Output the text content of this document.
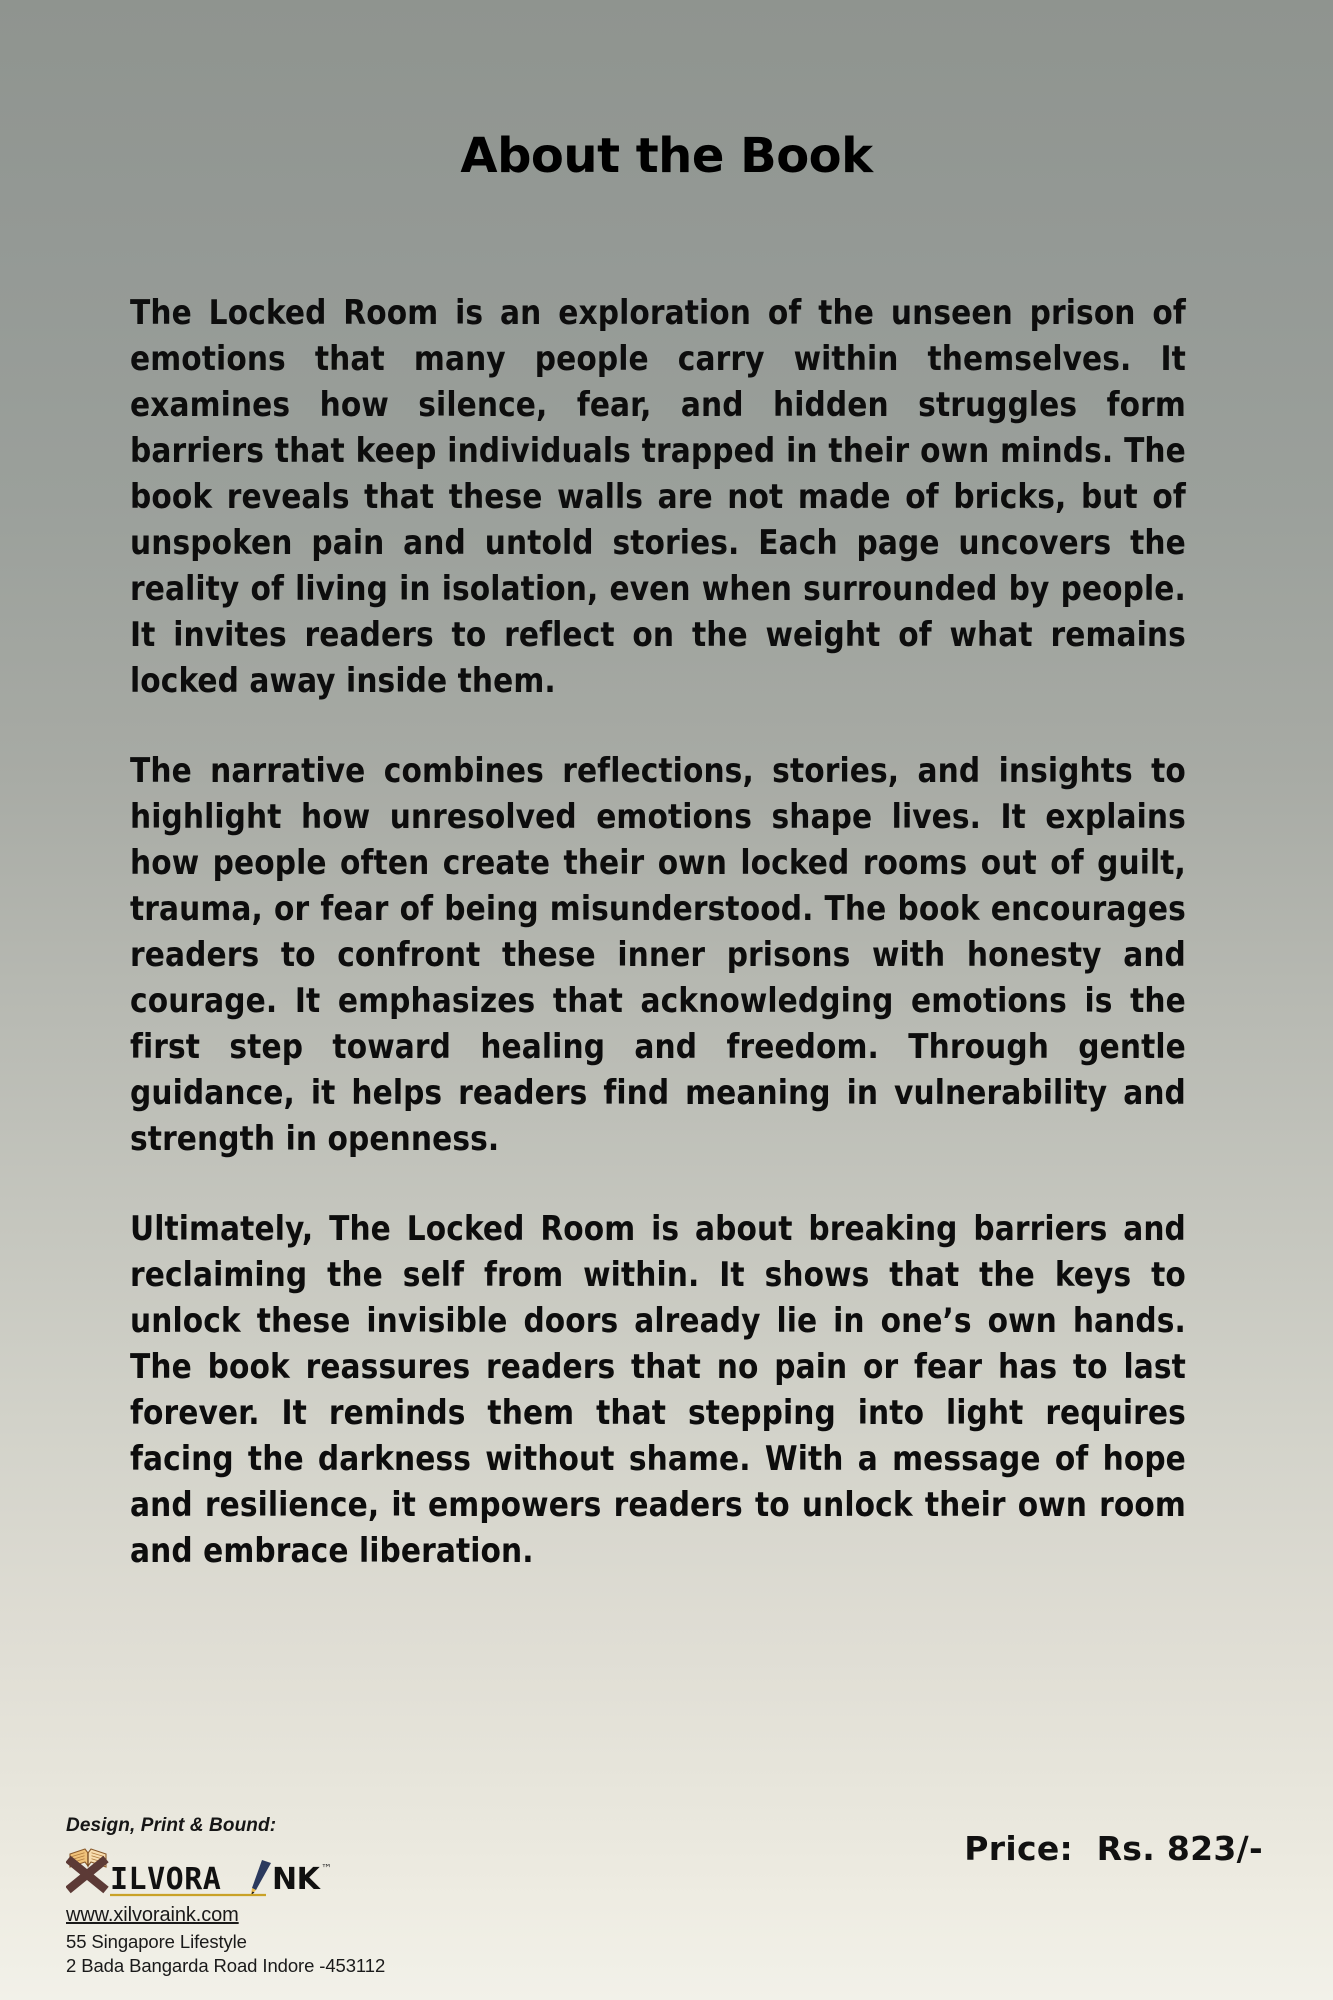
About the Book

The Locked Room is an exploration of the unseen prison of emotions that many people carry within themselves. It examines how silence, fear, and hidden struggles form barriers that keep individuals trapped in their own minds. The book reveals that these walls are not made of bricks, but of unspoken pain and untold stories. Each page uncovers the reality of living in isolation, even when surrounded by people. It invites readers to reflect on the weight of what remains locked away inside them.

The narrative combines reflections, stories, and insights to highlight how unresolved emotions shape lives. It explains how people often create their own locked rooms out of guilt, trauma, or fear of being misunderstood. The book encourages readers to confront these inner prisons with honesty and courage. It emphasizes that acknowledging emotions is the first step toward healing and freedom. Through gentle guidance, it helps readers find meaning in vulnerability and strength in openness.

Ultimately, The Locked Room is about breaking barriers and reclaiming the self from within. It shows that the keys to unlock these invisible doors already lie in one’s own hands. The book reassures readers that no pain or fear has to last forever. It reminds them that stepping into light requires facing the darkness without shame. With a message of hope and resilience, it empowers readers to unlock their own room and embrace liberation.

Design, Print & Bound:
ILVORA NK ™
www.xilvoraink.com
55 Singapore Lifestyle
2 Bada Bangarda Road Indore -453112
Price:  Rs. 823/-
